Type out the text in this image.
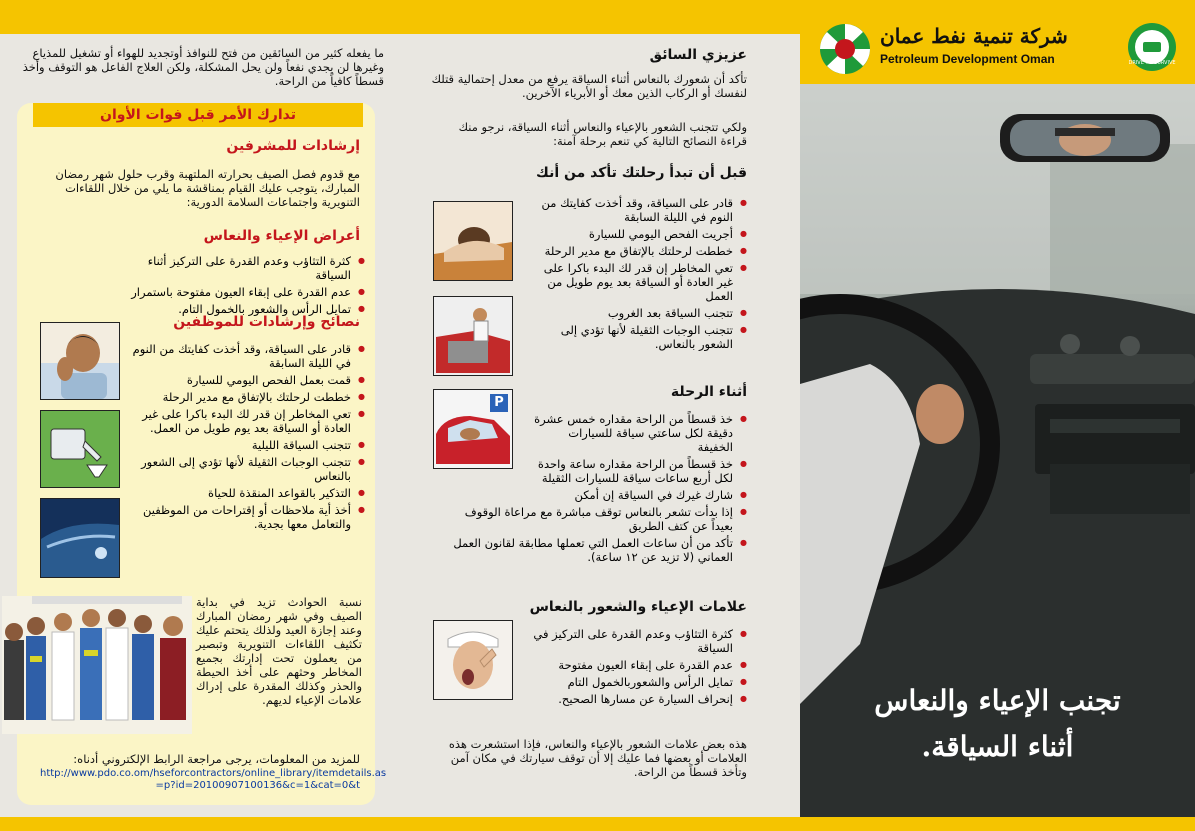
ما يفعله كثير من السائقين من فتح للنوافذ أوتجديد للهواء أو تشغيل للمذياع وغيرها لن يجدي نفعاً ولن يحل المشكلة، ولكن العلاج الفاعل هو التوقف وأخذ قسطاً كافياً من الراحة.

تدارك الأمر قبل فوات الأوان
إرشادات للمشرفين

مع قدوم فصل الصيف بحرارته الملتهبة وقرب حلول شهر رمضان المبارك، يتوجب عليك القيام بمناقشة ما يلي من خلال اللقاءات التنويرية واجتماعات السلامة الدورية:

أعراض الإعياء والنعاس
● كثرة التثاؤب وعدم القدرة على التركيز أثناء السياقة
● عدم القدرة على إبقاء العيون مفتوحة باستمرار
● تمايل الرأس والشعور بالخمول التام.
نصائح وإرشادات للموظفين
● قادر على السياقة، وقد أخذت كفايتك من النوم في الليلة السابقة
● قمت بعمل الفحص اليومي للسيارة
● خططت لرحلتك بالإتفاق مع مدير الرحلة
● تعي المخاطر إن قدر لك البدء باكرا على غير العادة أو السياقة بعد يوم طويل من العمل.
● تتجنب السياقة الليلية
● تتجنب الوجبات الثقيلة لأنها تؤدي إلى الشعور بالنعاس
● التذكير بالقواعد المنقذة للحياة
● أخذ أية ملاحظات أو إقتراحات من الموظفين والتعامل معها بجدية.

نسبة الحوادث تزيد في بداية الصيف وفي شهر رمضان المبارك وعند إجازة العيد ولذلك يتحتم عليك تكثيف اللقاءات التنويرية وتبصير من يعملون تحت إدارتك بجميع المخاطر وحثهم على أخذ الحيطة والحذر وكذلك المقدرة على إدراك علامات الإعياء لديهم.

للمزيد من المعلومات، يرجى مراجعة الرابط الإلكتروني أدناه:

http://www.pdo.co.om/hseforcontractors/online_library/itemdetails.as =p?id=20100907100136&c=1&cat=0&t

عزيزي السائق

تأكد أن شعورك بالنعاس أثناء السياقة يرفع من معدل إحتمالية قتلك لنفسك أو الركاب الذين معك أو الأبرياء الآخرين.

ولكي تتجنب الشعور بالإعياء والنعاس أثناء السياقة، نرجو منك قراءة النصائح التالية كي تنعم برحلة آمنة:

قبل أن تبدأ رحلتك تأكد من أنك
P
● قادر على السياقة، وقد أخذت كفايتك من النوم في الليلة السابقة
● أجريت الفحص اليومي للسيارة
● خططت لرحلتك بالإتفاق مع مدير الرحلة
● تعي المخاطر إن قدر لك البدء باكرا على غير العادة أو السياقة بعد يوم طويل من العمل
● تتجنب السياقة بعد الغروب
● تتجنب الوجبات الثقيلة لأنها تؤدي إلى الشعور بالنعاس.
أثناء الرحلة
● خذ قسطاً من الراحة مقداره خمس عشرة دقيقة لكل ساعتي سياقة للسيارات الخفيفة
● خذ قسطاً من الراحة مقداره ساعة واحدة لكل أربع ساعات سياقة للسيارات الثقيلة
● شارك غيرك في السياقة إن أمكن
● إذا بدأت تشعر بالنعاس توقف مباشرة مع مراعاة الوقوف بعيداً عن كتف الطريق
● تأكد من أن ساعات العمل التي تعملها مطابقة لقانون العمل العماني (لا تزيد عن ١٢ ساعة).
علامات الإعياء والشعور بالنعاس
● كثرة التثاؤب وعدم القدرة على التركيز في السياقة
● عدم القدرة على إبقاء العيون مفتوحة
● تمايل الرأس والشعوربالخمول التام
● إنحراف السيارة عن مسارها الصحيح.

هذه بعض علامات الشعور بالإعياء والنعاس، فإذا استشعرت هذه العلامات أو بعضها فما عليك إلا أن توقف سيارتك في مكان آمن وتأخذ قسطاً من الراحة.

شركة تنمية نفط عمان
Petroleum Development Oman	DRIVE TO SURVIVE
تجنب الإعياء والنعاس
أثناء السياقة.
